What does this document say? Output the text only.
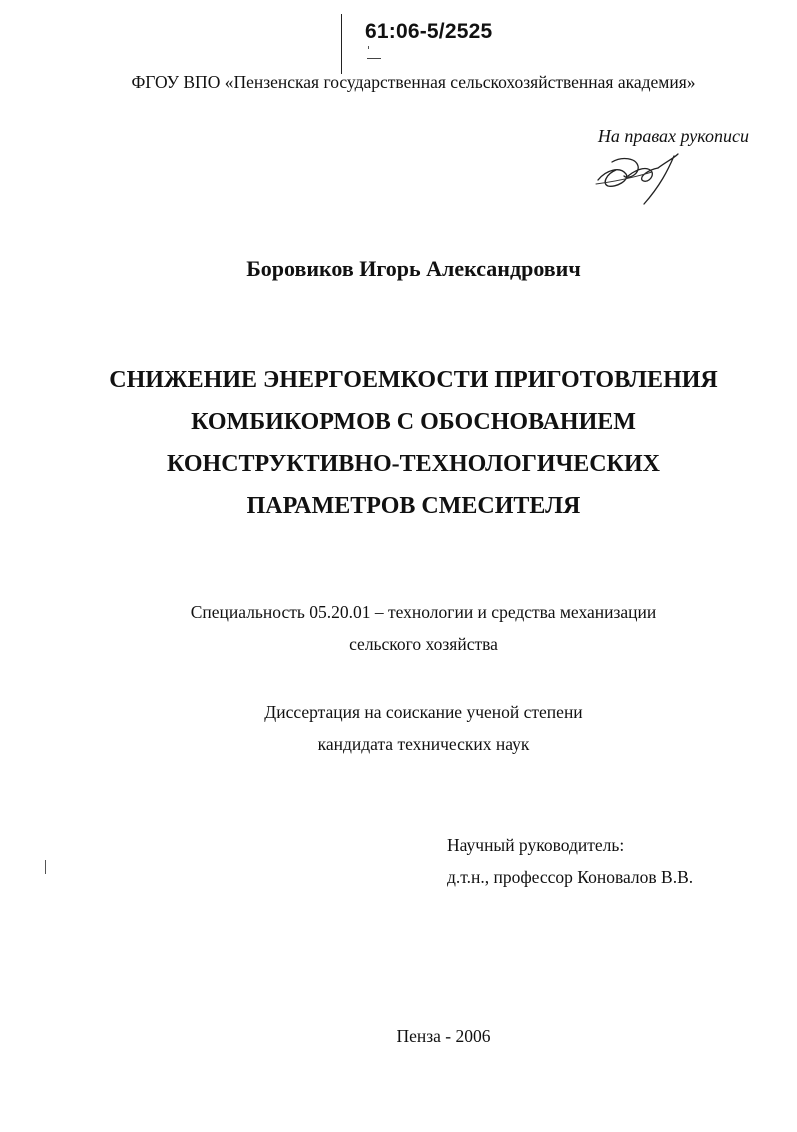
61:06-5/2525
ФГОУ ВПО «Пензенская государственная сельскохозяйственная академия»
На правах рукописи
Боровиков Игорь Александрович
СНИЖЕНИЕ ЭНЕРГОЕМКОСТИ ПРИГОТОВЛЕНИЯ
КОМБИКОРМОВ С ОБОСНОВАНИЕМ
КОНСТРУКТИВНО-ТЕХНОЛОГИЧЕСКИХ
ПАРАМЕТРОВ СМЕСИТЕЛЯ
Специальность 05.20.01 – технологии и средства механизации
сельского хозяйства
Диссертация на соискание ученой степени
кандидата технических наук
Научный руководитель:
д.т.н., профессор Коновалов В.В.
Пенза - 2006
